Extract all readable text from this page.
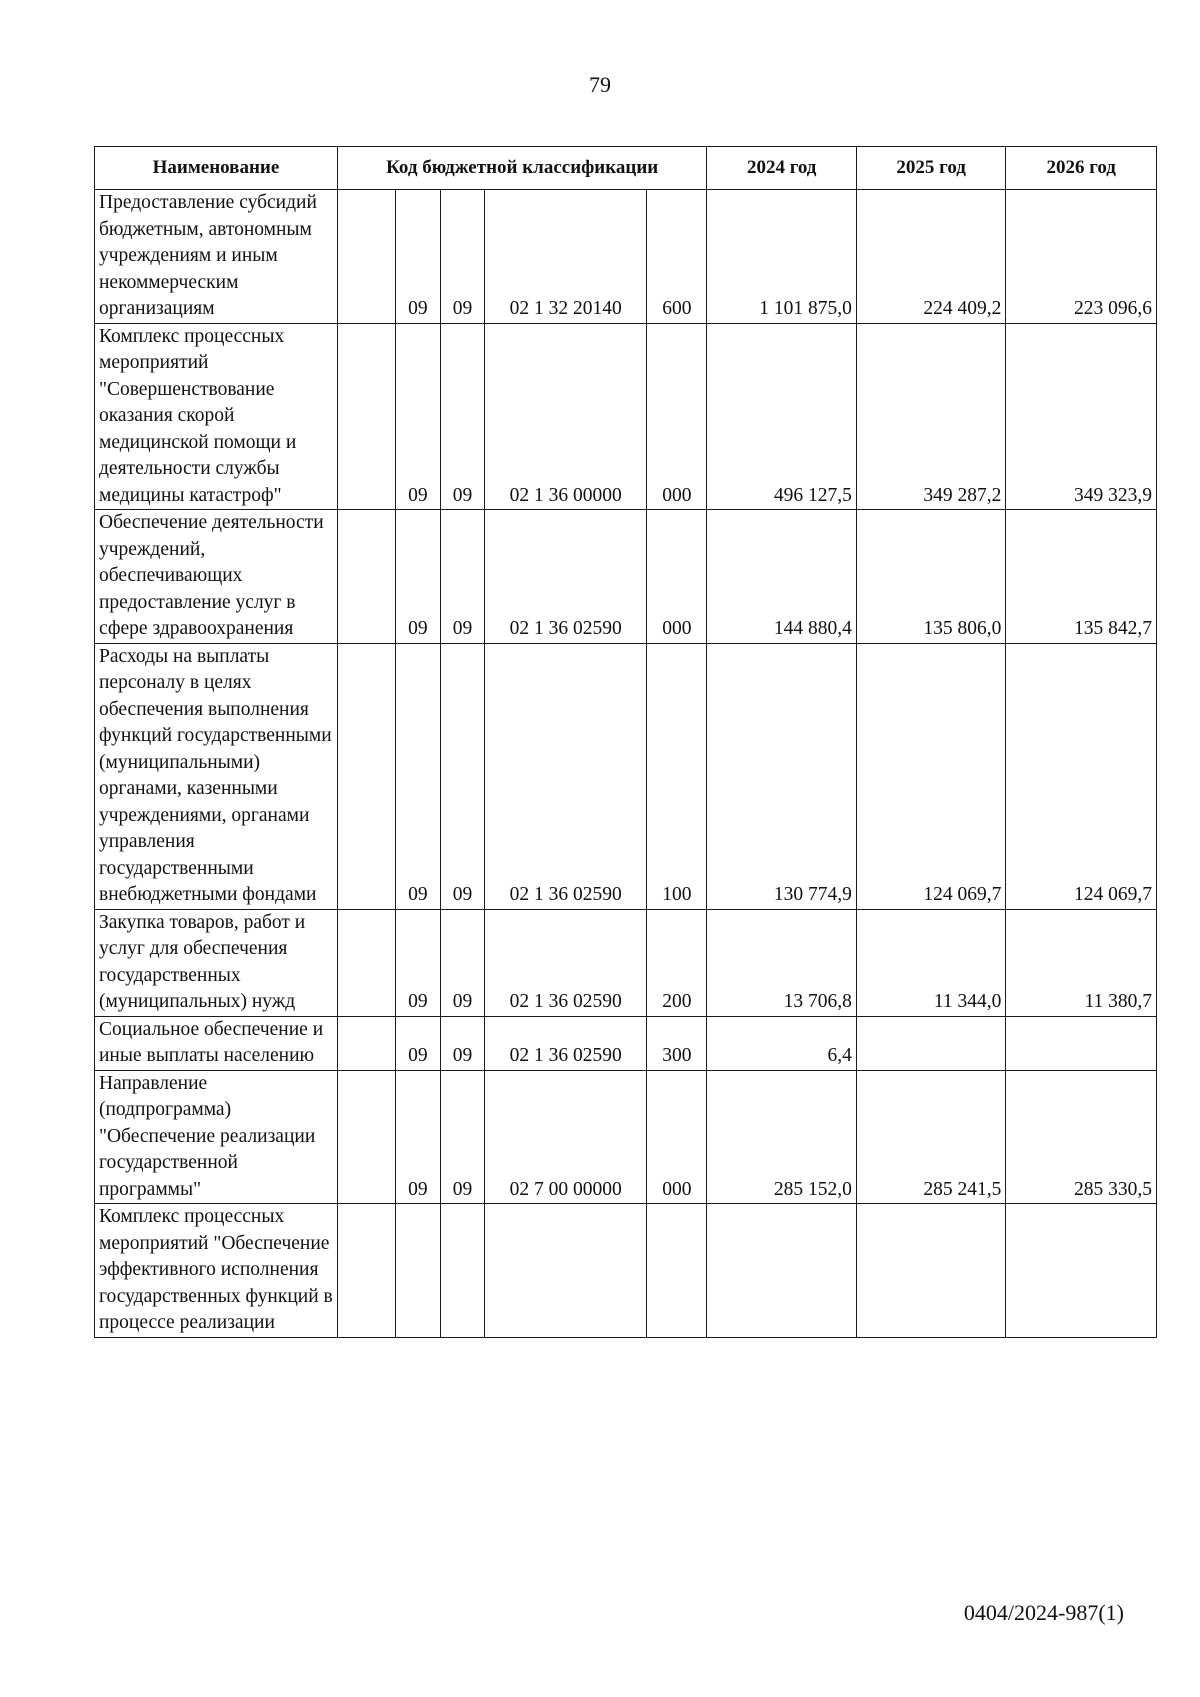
79
Наименование	Код бюджетной классификации					2024 год	2025 год	2026 год
Предоставление субсидий бюджетным, автономным учреждениям и иным некоммерческим организациям		09	09	02 1 32 20140	600	1 101 875,0	224 409,2	223 096,6
Комплекс процессных мероприятий "Совершенствование оказания скорой медицинской помощи и деятельности службы медицины катастроф"		09	09	02 1 36 00000	000	496 127,5	349 287,2	349 323,9
Обеспечение деятельности учреждений, обеспечивающих предоставление услуг в сфере здравоохранения		09	09	02 1 36 02590	000	144 880,4	135 806,0	135 842,7
Расходы на выплаты персоналу в целях обеспечения выполнения функций государственными (муниципальными) органами, казенными учреждениями, органами управления государственными внебюджетными фондами		09	09	02 1 36 02590	100	130 774,9	124 069,7	124 069,7
Закупка товаров, работ и услуг для обеспечения государственных (муниципальных) нужд		09	09	02 1 36 02590	200	13 706,8	11 344,0	11 380,7
Социальное обеспечение и иные выплаты населению		09	09	02 1 36 02590	300	6,4		
Направление (подпрограмма) "Обеспечение реализации государственной программы"		09	09	02 7 00 00000	000	285 152,0	285 241,5	285 330,5
Комплекс процессных мероприятий "Обеспечение эффективного исполнения государственных функций в процессе реализации								
0404/2024-987(1)
